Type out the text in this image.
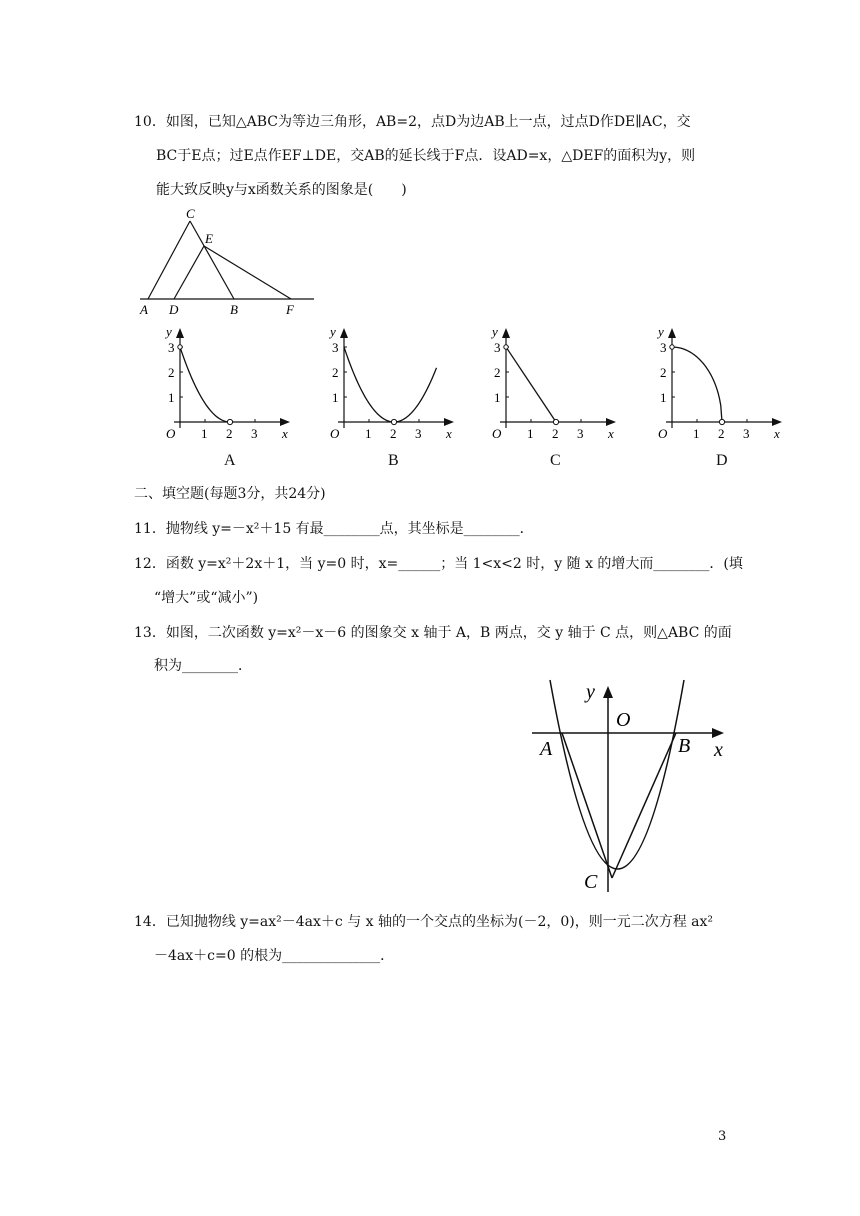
10．如图，已知△ABC为等边三角形，AB=2，点D为边AB上一点，过点D作DE∥AC，交
BC于E点；过E点作EF⊥DE，交AB的延长线于F点．设AD=x，△DEF的面积为y，则
能大致反映y与x函数关系的图象是(　　)
C
E
A D	B	F
1 2 3
1
2
3
O	x
y
A
1 2 3
1
2
3
O	x
y
B
1 2 3
1
2
3
O	x
y
C
1 2 3
1
2
3
O	x
y
D
二、填空题(每题3分，共24分)
11．抛物线 y=－x²＋15 有最________点，其坐标是________．
12．函数 y=x²＋2x＋1，当 y=0 时，x=______；当 1<x<2 时，y 随 x 的增大而________．(填
“增大”或“减小”)
13．如图，二次函数 y=x²－x－6 的图象交 x 轴于 A，B 两点，交 y 轴于 C 点，则△ABC 的面
积为________．
y
O
A	B x
C
14．已知抛物线 y=ax²－4ax＋c 与 x 轴的一个交点的坐标为(－2，0)，则一元二次方程 ax²
－4ax＋c=0 的根为______________．
3
